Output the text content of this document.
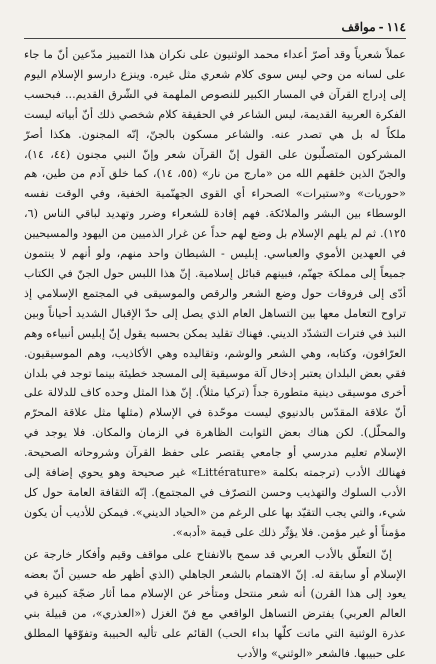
١١٤
-
مواقف

عملاً شعرياً وقد أصرّ أعداء محمد الوثنيون على نكران هذا التمييز مدّعين أنّ ما جاء على لسانه من وحي ليس سوى كلام شعري مثل غيره. وينزع دارسو الإسلام اليوم إلى إدراج القرآن في المسار الكبير للنصوص الملهمة في الشّرق القديم... فبحسب الفكرة العربية القديمة، ليس الشاعر في الحقيقة كلام شخصي ذلك أنّ أبياته ليست ملكاً له بل هي تصدر عنه. والشاعر مسكون بالجنّ، إنّه المجنون. هكذا أصرّ المشركون المتصلّبون على القول إنّ القرآن شعر وإنّ النبي مجنون (٤٤، ١٤)، والجنّ الذين خلقهم الله من «مارج من نار» (٥٥، ١٤)، كما خلق آدم من طين، هم «حوريات» و«ستيرات» الصحراء أي القوى الجهنّمية الخفية، وفي الوقت نفسه الوسطاء بين البشر والملائكة. فهم إفادة للشعراء وضرر وتهديد لباقي الناس (٦، ١٢٥). ثم لم يلهم الإسلام بل وضع لهم حداً عن غرار الذميين من اليهود والمسيحيين في العهدين الأموي والعباسي. إبليس - الشيطان واحد منهم، ولو أنهم لا ينتمون جميعاً إلى مملكة جهنّم، فبينهم قبائل إسلامية. إنّ هذا اللبس حول الجنّ في الكتاب أدّى إلى فروقات حول وضع الشعر والرقص والموسيقى في المجتمع الإسلامي إذ تراوح التعامل معها بين التساهل العام الذي يصل إلى حدّ الإقبال الشديد أحياناً وبين النبذ في فترات التشدّد الديني. فهناك تقليد يمكن بحسبه يقول إنّ إبليس أنبياءه وهم العرّافون، وكتابه، وهي الشعر والوشم، وتقاليده وهي الأكاذيب، وهم الموسيقيون. فقي بعض البلدان يعتبر إدخال آلة موسيقية إلى المسجد خطيئة بينما توجد في بلدان أخرى موسيقى دينية متطورة جداً (تركيا مثلاً). إنّ هذا المثل وحده كاف للدلالة على أنّ علاقة المقدّس بالدنيوي ليست موحّدة في الإسلام (مثلها مثل علاقة المحرّم والمحلّل). لكن هناك بعض الثوابت الظاهرة في الزمان والمكان. فلا يوجد في الإسلام تعليم مدرسي أو جامعي يقتصر على حفظ القرآن وشروحاته الصحيحة. فهنالك الأدب (ترجمته بكلمة «Littérature» غير صحيحة وهو يحوي إضافة إلى الأدب السلوك والتهذيب وحسن التصرّف في المجتمع). إنّه الثقافة العامة حول كل شيء، والتي يجب التقيّد بها على الرغم من «الحياد الديني». فيمكن للأديب أن يكون مؤمناً أو غير مؤمن. فلا يؤثّر ذلك على قيمة «أدبه».

إنّ التعلّق بالأدب العربي قد سمح بالانفتاح على مواقف وقيم وأفكار خارجة عن الإسلام أو سابقة له. إنّ الاهتمام بالشعر الجاهلي (الذي أظهر طه حسين أنّ بعضه يعود إلى هذا القرن) أنه شعر منتحل ومتأخر عن الإسلام مما أثار ضجّة كبيرة في العالم العربي) يفترض التساهل الواقعي مع فنّ الغزل («العذري»، من قبيلة بني عذرة الوثنية التي ماتت كلّها بداء الحب) القائم على تأليه الحبيبة وتفوّقها المطلق على حبيبها. فالشعر «الوثني» والأدب
